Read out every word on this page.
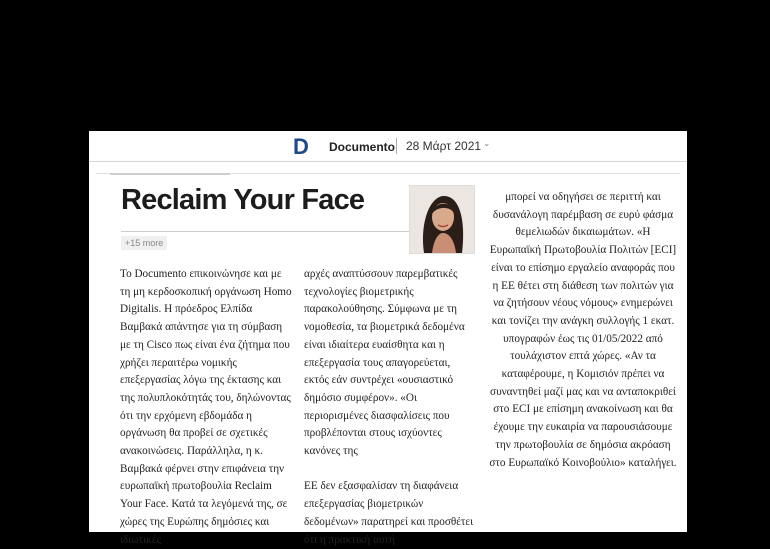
D Documento 28 Μάρτ 2021 ⌄
Reclaim Your Face
+15 more

Το Documento επικοινώνησε και με τη μη κερδοσκοπική οργάνωση Homo Digitalis. Η πρόεδρος Ελπίδα Βαμβακά απάντησε για τη σύμβαση με τη Cisco πως είναι ένα ζήτημα που χρήζει περαιτέρω νομικής επεξεργασίας λόγω της έκτασης και της πολυπλοκότητάς του, δηλώνοντας ότι την ερχόμενη εβδομάδα η οργάνωση θα προβεί σε σχετικές ανακοινώσεις. Παράλληλα, η κ. Βαμβακά φέρνει στην επιφάνεια την ευρωπαϊκή πρωτοβουλία Reclaim Your Face. Κατά τα λεγόμενά της, σε χώρες της Ευρώπης δημόσιες και ιδιωτικές

αρχές αναπτύσσουν παρεμβατικές τεχνολογίες βιομετρικής παρακολούθησης. Σύμφωνα με τη νομοθεσία, τα βιομετρικά δεδομένα είναι ιδιαίτερα ευαίσθητα και η επεξεργασία τους απαγορεύεται, εκτός εάν συντρέχει «ουσιαστικό δημόσιο συμφέρον». «Οι περιορισμένες διασφαλίσεις που προβλέπονται στους ισχύοντες κανόνες της

ΕΕ δεν εξασφαλίσαν τη διαφάνεια επεξεργασίας βιομετρικών δεδομένων» παρατηρεί και προσθέτει ότι η πρακτική αυτή

μπορεί να οδηγήσει σε περιττή και δυσανάλογη παρέμβαση σε ευρύ φάσμα θεμελιωδών δικαιωμάτων. «Η Ευρωπαϊκή Πρωτοβουλία Πολιτών [ECI] είναι το επίσημο εργαλείο αναφοράς που η ΕΕ θέτει στη διάθεση των πολιτών για να ζητήσουν νέους νόμους» ενημερώνει και τονίζει την ανάγκη συλλογής 1 εκατ. υπογραφών έως τις 01/05/2022 από τουλάχιστον επτά χώρες. «Αν τα καταφέρουμε, η Κομισιόν πρέπει να συναντηθεί μαζί μας και να ανταποκριθεί στο ECI με επίσημη ανακοίνωση και θα έχουμε την ευκαιρία να παρουσιάσουμε την πρωτοβουλία σε δημόσια ακρόαση στο Ευρωπαϊκό Κοινοβούλιο» καταλήγει.
